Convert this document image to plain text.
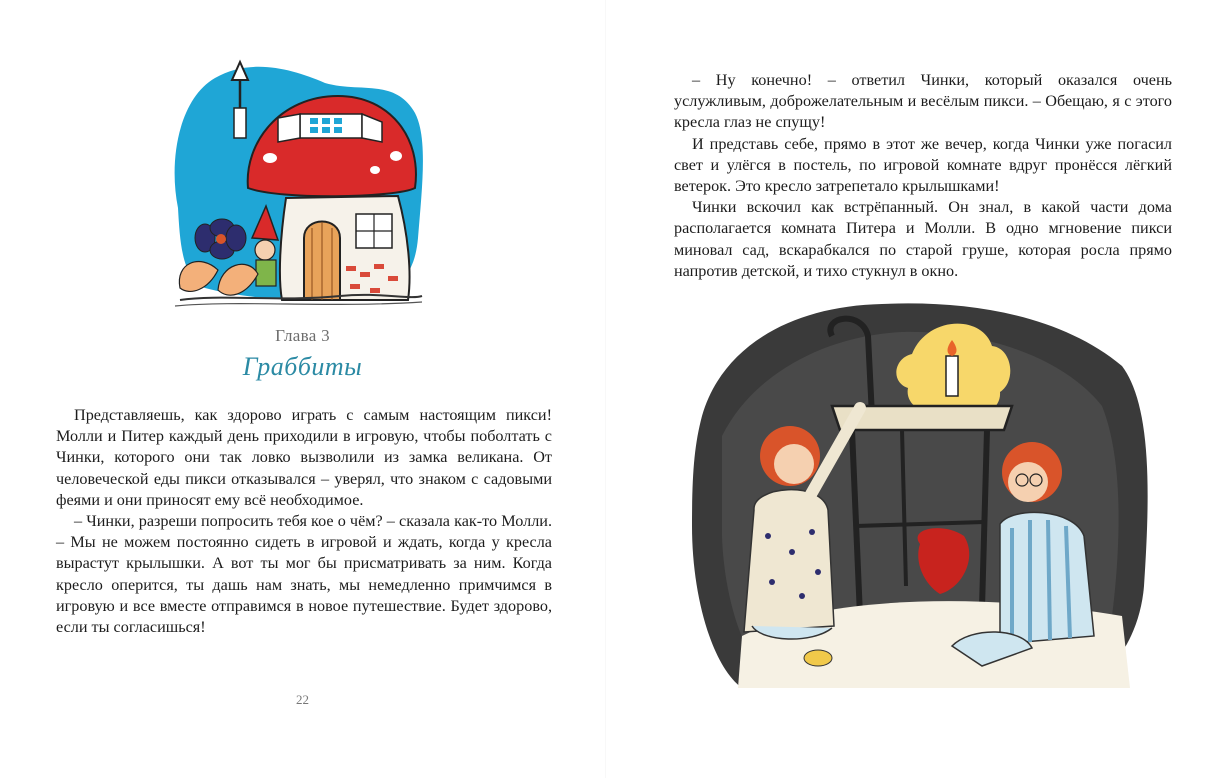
Глава 3
Граббиты

Представляешь, как здорово играть с самым настоящим пикси! Молли и Питер каждый день приходили в игровую, чтобы поболтать с Чинки, которого они так ловко вызволили из замка великана. От человеческой еды пикси отказывался – уверял, что знаком с садовыми феями и они приносят ему всё необходимое.

– Чинки, разреши попросить тебя кое о чём? – сказала как-то Молли. – Мы не можем постоянно сидеть в игровой и ждать, когда у кресла вырастут крылышки. А вот ты мог бы присматривать за ним. Когда кресло оперится, ты дашь нам знать, мы немедленно примчимся в игровую и все вместе отправимся в новое путешествие. Будет здорово, если ты согласишься!

22

– Ну конечно! – ответил Чинки, который оказался очень услужливым, доброжелательным и весёлым пикси. – Обещаю, я с этого кресла глаз не спущу!

И представь себе, прямо в этот же вечер, когда Чинки уже погасил свет и улёгся в постель, по игровой комнате вдруг пронёсся лёгкий ветерок. Это кресло затрепетало крылышками!

Чинки вскочил как встрёпанный. Он знал, в какой части дома располагается комната Питера и Молли. В одно мгновение пикси миновал сад, вскарабкался по старой груше, которая росла прямо напротив детской, и тихо стукнул в окно.
